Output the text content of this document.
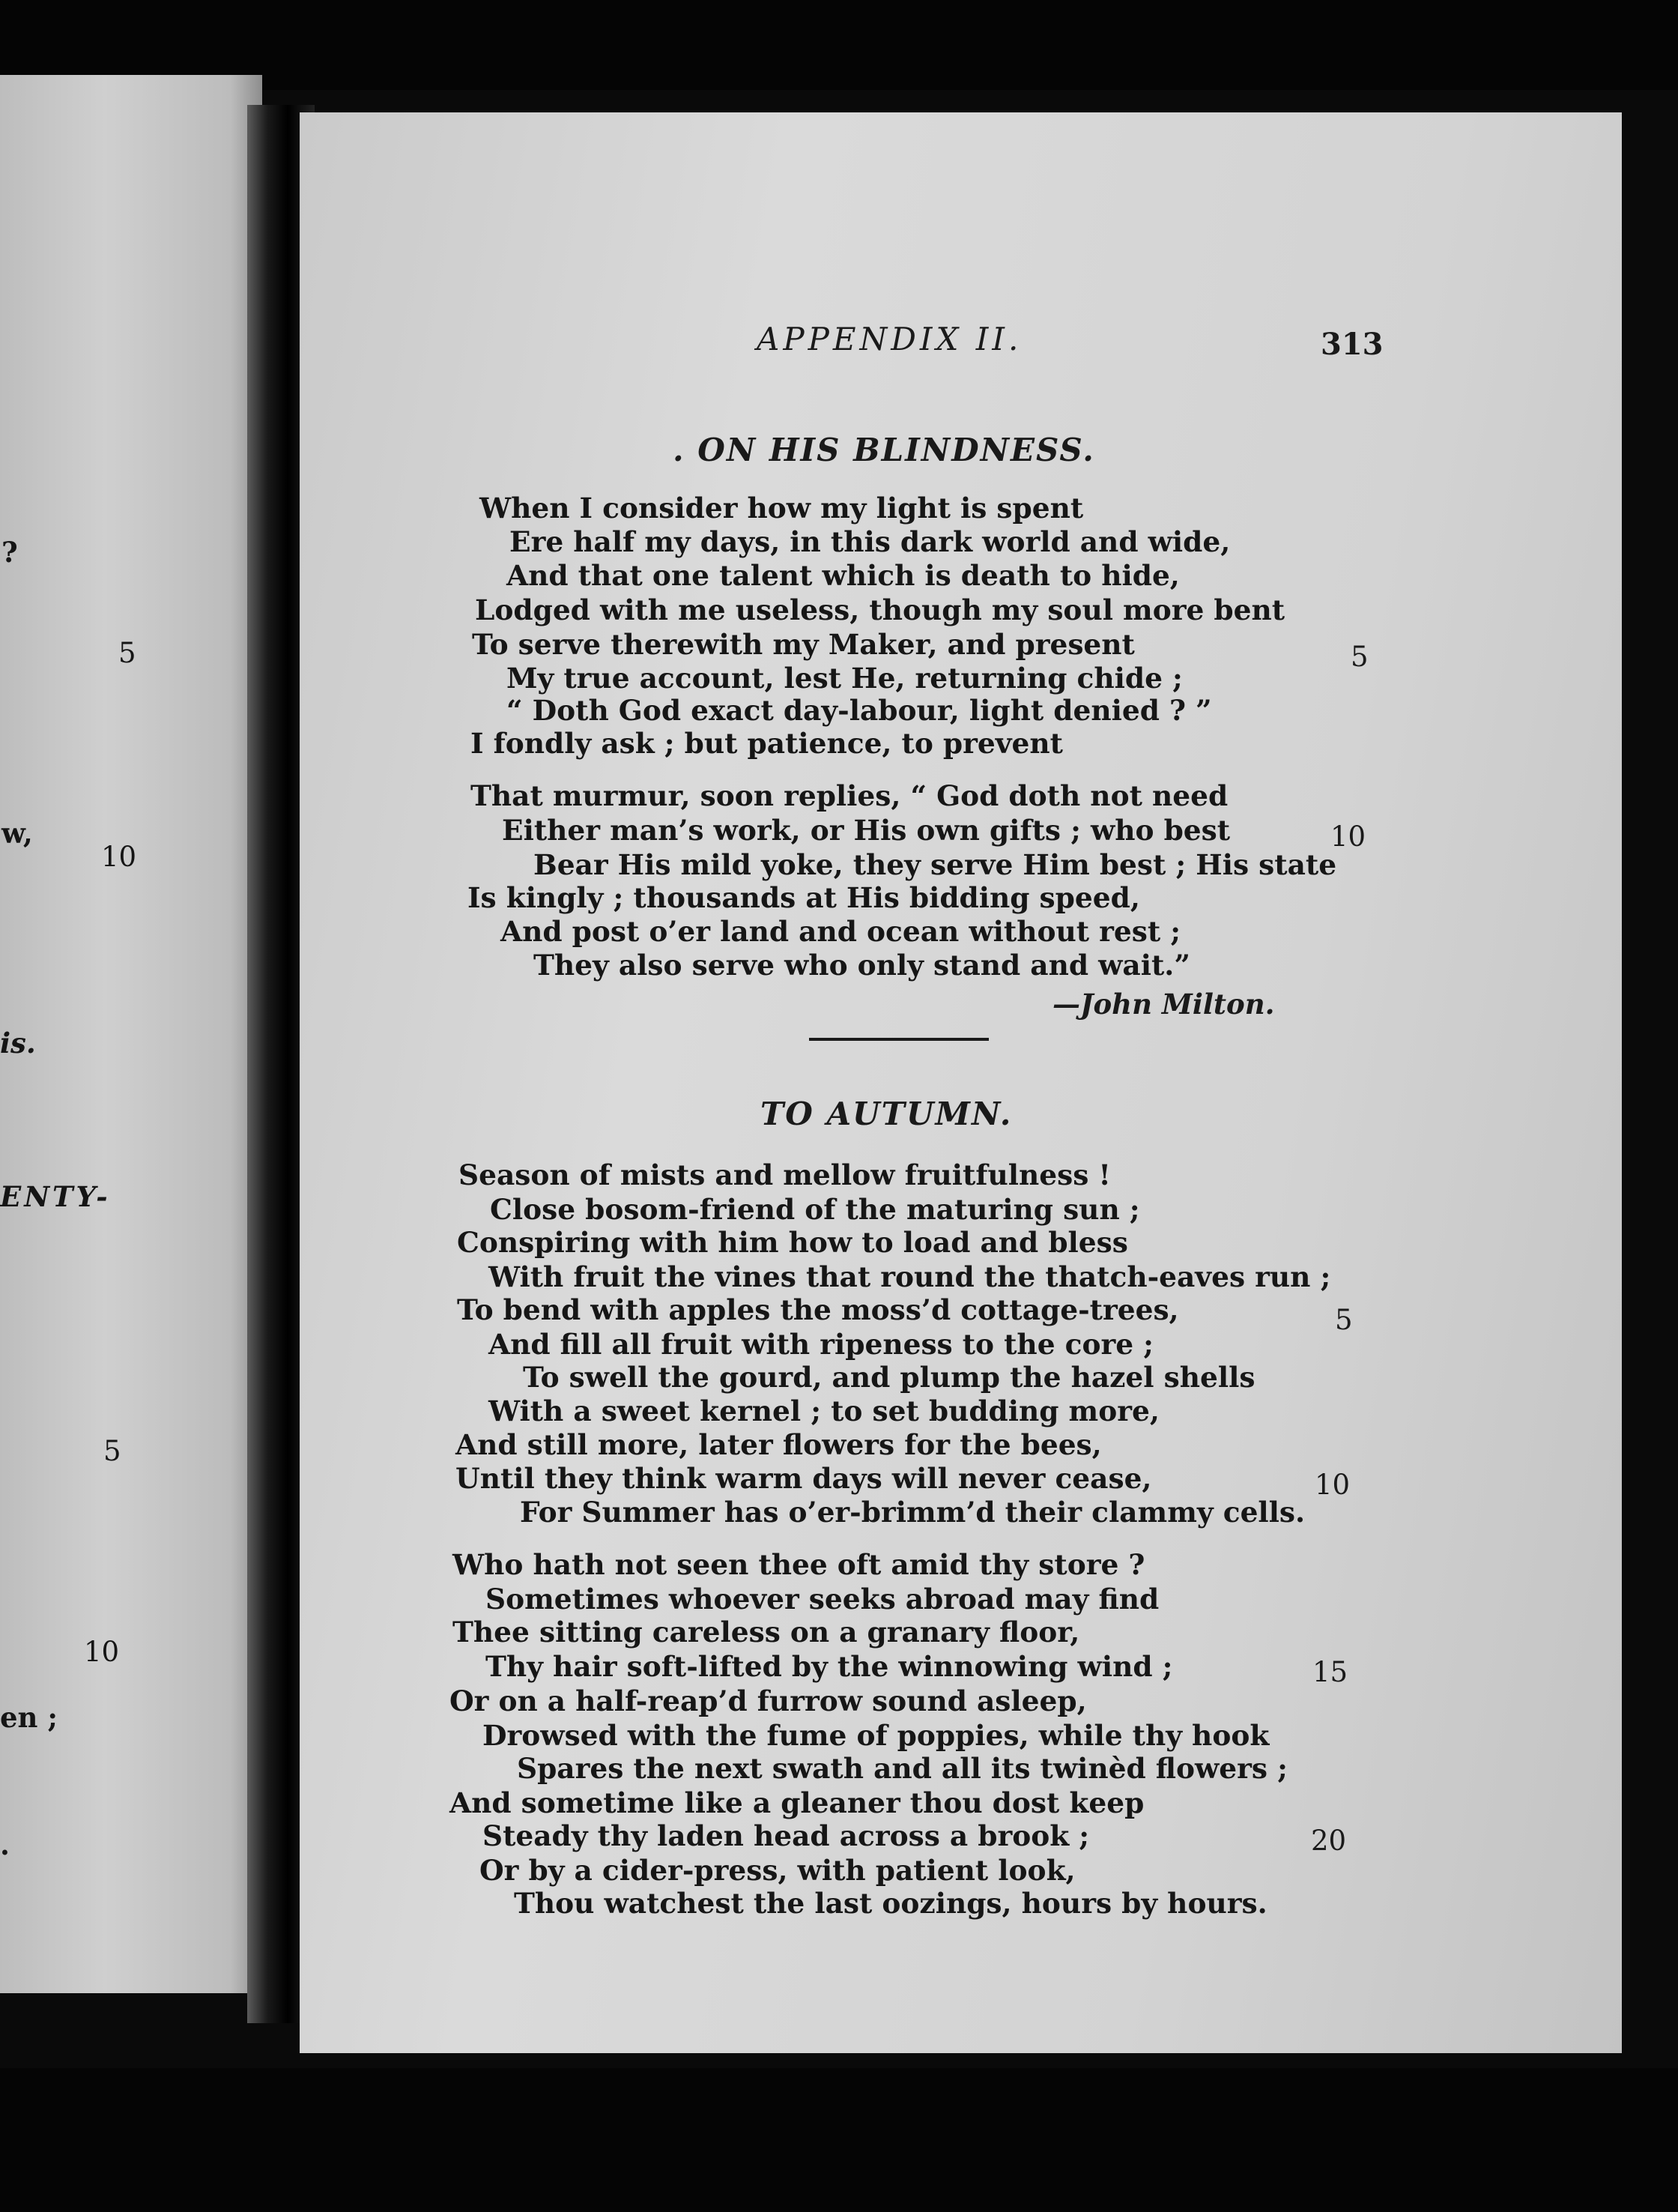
?
5
w,
10
is.
ENTY-
5
10
en ;
.
APPENDIX II.	313
. ON HIS BLINDNESS.
When I consider how my light is spent
Ere half my days, in this dark world and wide,
And that one talent which is death to hide,
Lodged with me useless, though my soul more bent
To serve therewith my Maker, and present
My true account, lest He, returning chide ;
“ Doth God exact day-labour, light denied ? ”
I fondly ask ; but patience, to prevent
That murmur, soon replies, “ God doth not need
Either man’s work, or His own gifts ; who best
Bear His mild yoke, they serve Him best ; His state
Is kingly ; thousands at His bidding speed,
And post o’er land and ocean without rest ;
They also serve who only stand and wait.”
5
10
—John Milton.
TO AUTUMN.
Season of mists and mellow fruitfulness !
Close bosom-friend of the maturing sun ;
Conspiring with him how to load and bless
With fruit the vines that round the thatch-eaves run ;
To bend with apples the moss’d cottage-trees,
And fill all fruit with ripeness to the core ;
To swell the gourd, and plump the hazel shells
With a sweet kernel ; to set budding more,
And still more, later flowers for the bees,
Until they think warm days will never cease,
For Summer has o’er-brimm’d their clammy cells.
Who hath not seen thee oft amid thy store ?
Sometimes whoever seeks abroad may find
Thee sitting careless on a granary floor,
Thy hair soft-lifted by the winnowing wind ;
Or on a half-reap’d furrow sound asleep,
Drowsed with the fume of poppies, while thy hook
Spares the next swath and all its twinèd flowers ;
And sometime like a gleaner thou dost keep
Steady thy laden head across a brook ;
Or by a cider-press, with patient look,
Thou watchest the last oozings, hours by hours.
5
10
15
20
